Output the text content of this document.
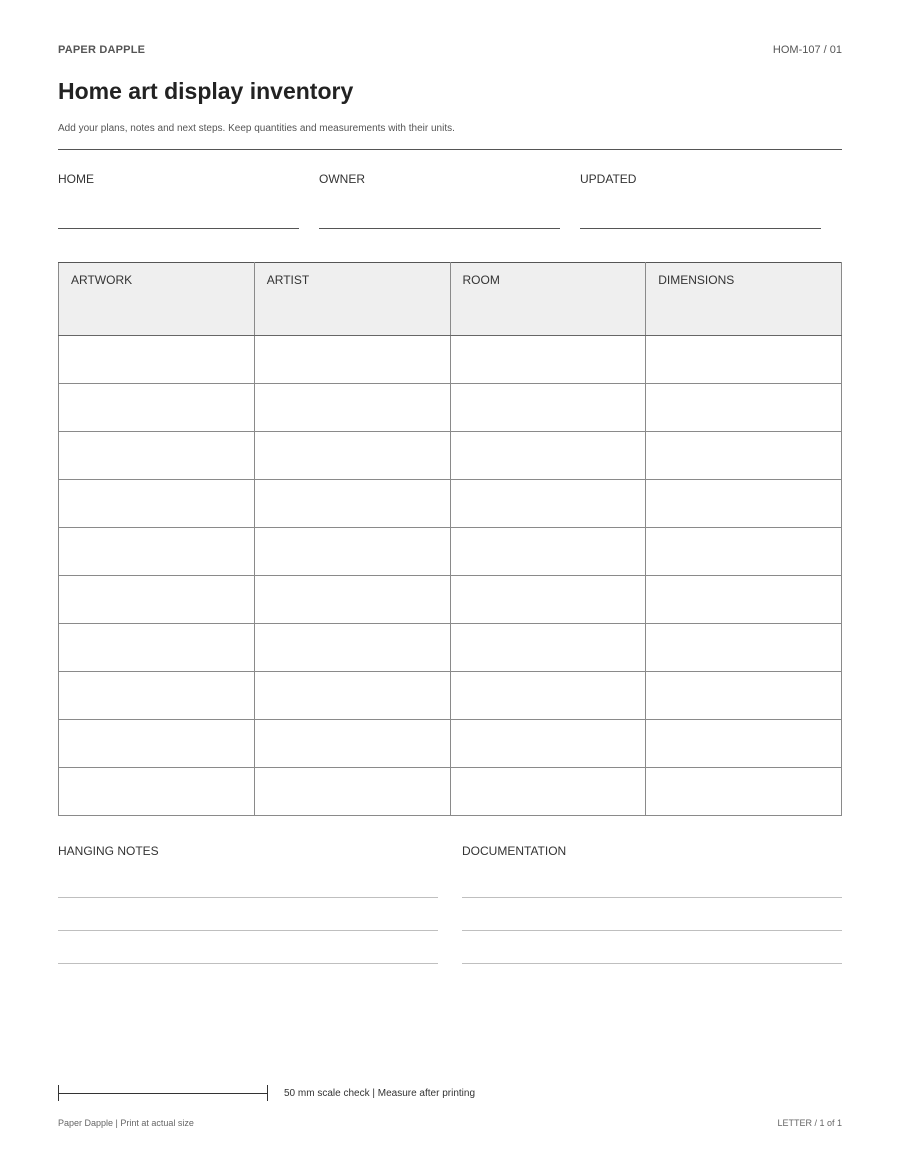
PAPER DAPPLE	HOM-107 / 01
Home art display inventory
Add your plans, notes and next steps. Keep quantities and measurements with their units.
HOME	OWNER	UPDATED
ARTWORK	ARTIST	ROOM	DIMENSIONS

HANGING NOTES	DOCUMENTATION
50 mm scale check | Measure after printing
Paper Dapple | Print at actual size	LETTER / 1 of 1
